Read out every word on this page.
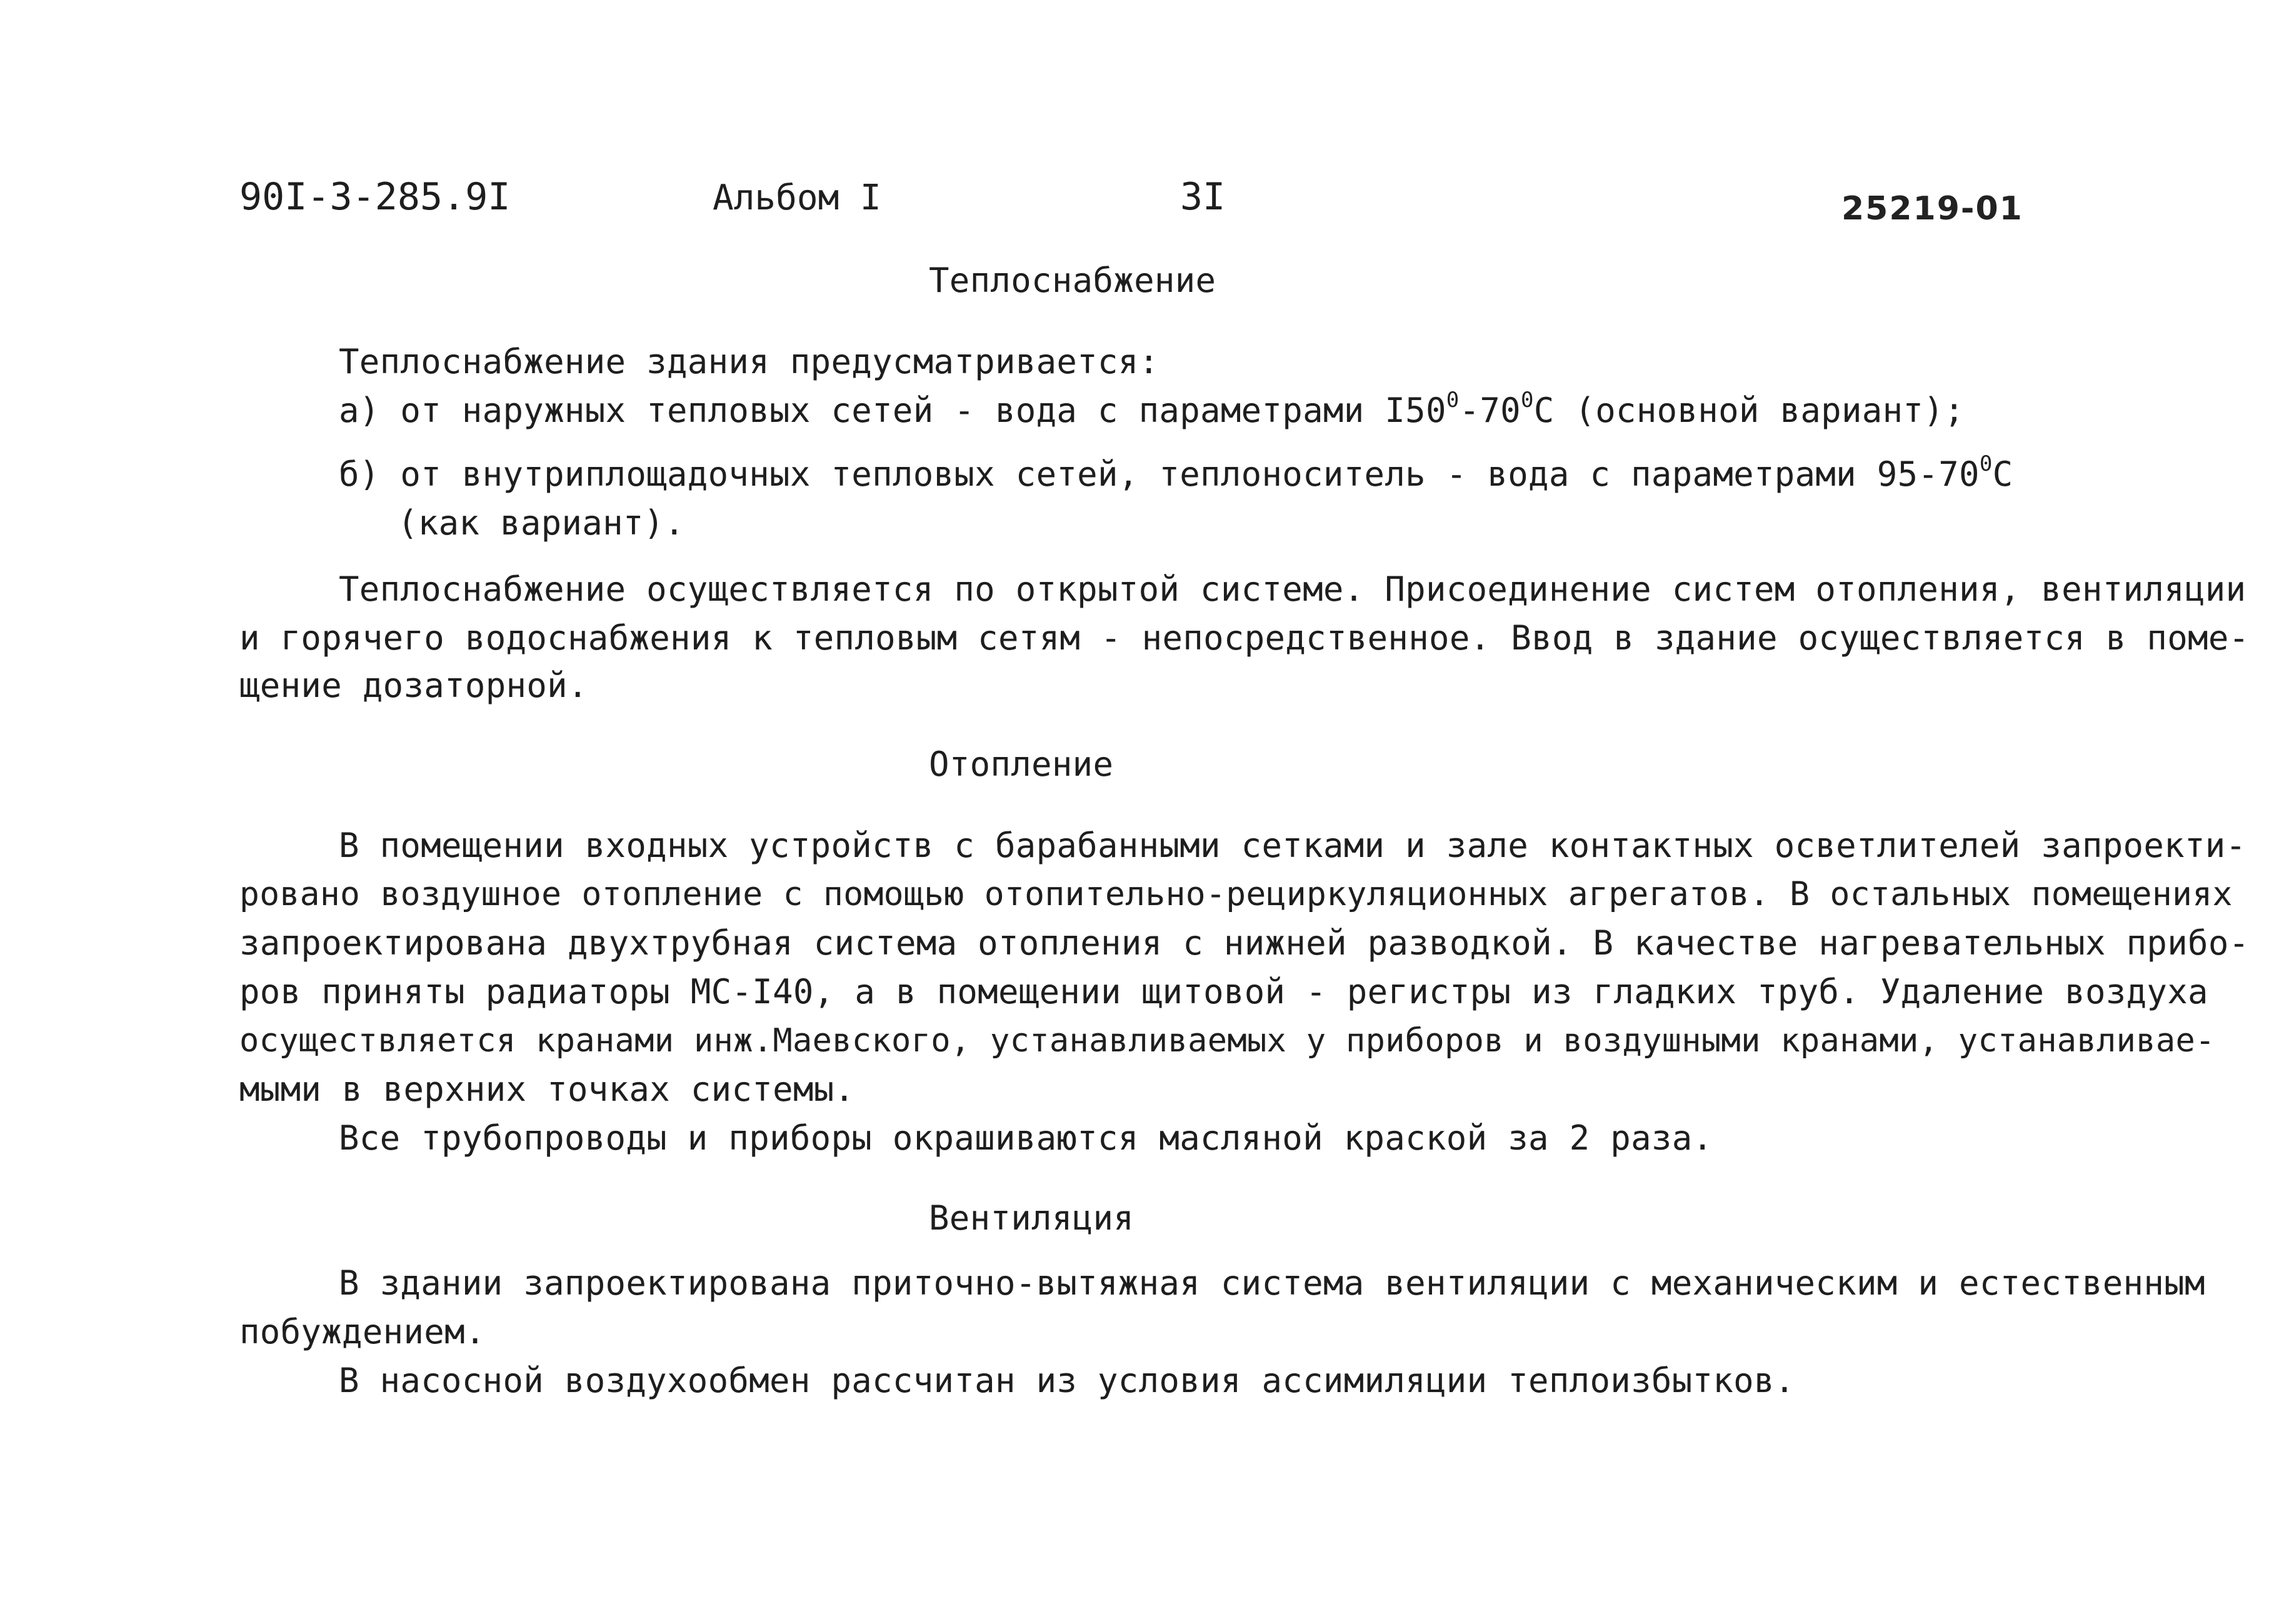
90I-3-285.9I	Альбом I	3I	25219-01
Теплоснабжение
Теплоснабжение здания предусматривается:
а) от наружных тепловых сетей - вода с параметрами $I50^0-70^0С$ (основной вариант);
б) от внутриплощадочных тепловых сетей, теплоноситель - вода с параметрами $95-70^0С$
(как вариант).
Теплоснабжение осуществляется по открытой системе. Присоединение систем отопления, вентиляции
и горячего водоснабжения к тепловым сетям - непосредственное. Ввод в здание осуществляется в поме-
щение дозаторной.
Отопление
В помещении входных устройств с барабанными сетками и зале контактных осветлителей запроекти-
ровано воздушное отопление с помощью отопительно-рециркуляционных агрегатов. В остальных помещениях
запроектирована двухтрубная система отопления с нижней разводкой. В качестве нагревательных прибо-
ров приняты радиаторы МС-I40, а в помещении щитовой - регистры из гладких труб. Удаление воздуха
осуществляется кранами инж.Маевского, устанавливаемых у приборов и воздушными кранами, устанавливае-
мыми в верхних точках системы.
Все трубопроводы и приборы окрашиваются масляной краской за 2 раза.
Вентиляция
В здании запроектирована приточно-вытяжная система вентиляции с механическим и естественным
побуждением.
В насосной воздухообмен рассчитан из условия ассимиляции теплоизбытков.
